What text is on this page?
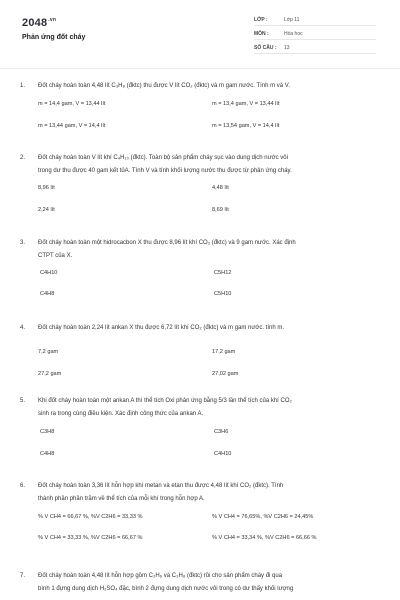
$2048^{.vn}$
Phản ứng đốt cháy
LỚP :	Lớp 11
MÔN :	Hóa học
SỐ CÂU : 13
1.	Đốt cháy hoàn toàn 4,48 lít C₃H₈ (đktc) thu được V lít CO₂ (đktc) và m gam nước. Tính m và V.
m = 14,4 gam, V = 13,44 lít	m = 13,4 gam, V = 13,44 lít
m = 13,44 gam, V = 14,4 lít	m = 13,54 gam, V = 14,4 lít
2.	Đốt cháy hoàn toàn V lít khí C₄H₁₀ (đktc). Toàn bộ sản phẩm cháy sục vào dung dịch nước vôi
trong dư thu được 40 gam kết tủA. Tính V và tính khối lượng nước thu được từ phản ứng cháy.
8,96 lít	4,48 lít
2,24 lít	8,69 lít
3.	Đốt cháy hoàn toàn một hidrocacbon X thu được 8,96 lít khí CO₂ (đktc) và 9 gam nước. Xác định
CTPT của X.
C4H10	C5H12
C4H8	C5H10
4.	Đốt cháy hoàn toàn 2,24 lít ankan X thu được 6,72 lít khí CO₂ (đktc) và m gam nước. tính m.
7,2 gam	17,2 gam
27,2 gam	27,02 gam
5.	Khi đốt cháy hoàn toàn một ankan A thì thể tích Oxi phản ứng bằng 5/3 lần thể tích của khí CO₂
sinh ra trong cùng điều kiện. Xác định công thức của ankan A.
C3H8	C3H6
C4H8	C4H10
6.	Đốt cháy hoàn toàn 3,36 lít hỗn hợp khí metan và etan thu được 4,48 lít khí CO₂ (đktc). Tính
thành phần phần trăm về thể tích của mỗi khí trong hỗn hợp A.
% V CH4 = 66,67 %, %V C2H6 = 33,33 %	% V CH4 = 76,65%, %V C2H6 = 24,45%
% V CH4 = 33,33 %, %V C2H6 = 66,67 %	% V CH4 = 33,34 %, %V C2H6 = 66,66 %
7.	Đốt cháy hoàn toàn 4,48 lít hỗn hợp gồm C₂H₆ và C₃H₈ (đktc) rồi cho sản phẩm cháy đi qua
bình 1 đựng dung dịch H₂SO₄ đặc, bình 2 đựng dung dịch nước vôi trong có dư thấy khối lượng
